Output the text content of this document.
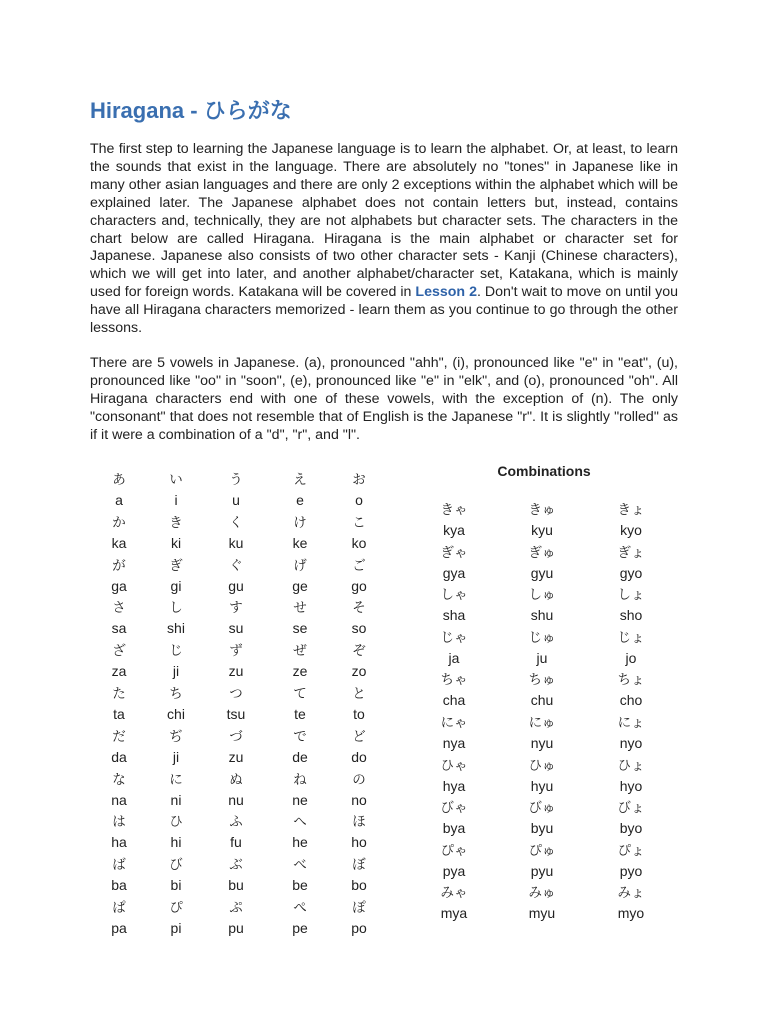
Hiragana - ひらがな

The first step to learning the Japanese language is to learn the alphabet. Or, at least, to learn the sounds that exist in the language. There are absolutely no "tones" in Japanese like in many other asian languages and there are only 2 exceptions within the alphabet which will be explained later. The Japanese alphabet does not contain letters but, instead, contains characters and, technically, they are not alphabets but character sets. The characters in the chart below are called Hiragana. Hiragana is the main alphabet or character set for Japanese. Japanese also consists of two other character sets - Kanji (Chinese characters), which we will get into later, and another alphabet/character set, Katakana, which is mainly used for foreign words. Katakana will be covered in Lesson 2. Don't wait to move on until you have all Hiragana characters memorized - learn them as you continue to go through the other lessons.

There are 5 vowels in Japanese. (a), pronounced "ahh", (i), pronounced like "e" in "eat", (u), pronounced like "oo" in "soon", (e), pronounced like "e" in "elk", and (o), pronounced "oh". All Hiragana characters end with one of these vowels, with the exception of (n). The only "consonant" that does not resemble that of English is the Japanese "r". It is slightly "rolled" as if it were a combination of a "d", "r", and "l".

あ
a
い
i
う
u
え
e
お
o
か
ka
き
ki
く
ku
け
ke
こ
ko
が
ga
ぎ
gi
ぐ
gu
げ
ge
ご
go
さ
sa
し
shi
す
su
せ
se
そ
so
ざ
za
じ
ji
ず
zu
ぜ
ze
ぞ
zo
た
ta
ち
chi
つ
tsu
て
te
と
to
だ
da
ぢ
ji
づ
zu
で
de
ど
do
な
na
に
ni
ぬ
nu
ね
ne
の
no
は
ha
ひ
hi
ふ
fu
へ
he
ほ
ho
ば
ba
び
bi
ぶ
bu
べ
be
ぼ
bo
ぱ
pa
ぴ
pi
ぷ
pu
ぺ
pe
ぽ
po
Combinations
きゃ
kya
きゅ
kyu
きょ
kyo
ぎゃ
gya
ぎゅ
gyu
ぎょ
gyo
しゃ
sha
しゅ
shu
しょ
sho
じゃ
ja
じゅ
ju
じょ
jo
ちゃ
cha
ちゅ
chu
ちょ
cho
にゃ
nya
にゅ
nyu
にょ
nyo
ひゃ
hya
ひゅ
hyu
ひょ
hyo
びゃ
bya
びゅ
byu
びょ
byo
ぴゃ
pya
ぴゅ
pyu
ぴょ
pyo
みゃ
mya
みゅ
myu
みょ
myo
